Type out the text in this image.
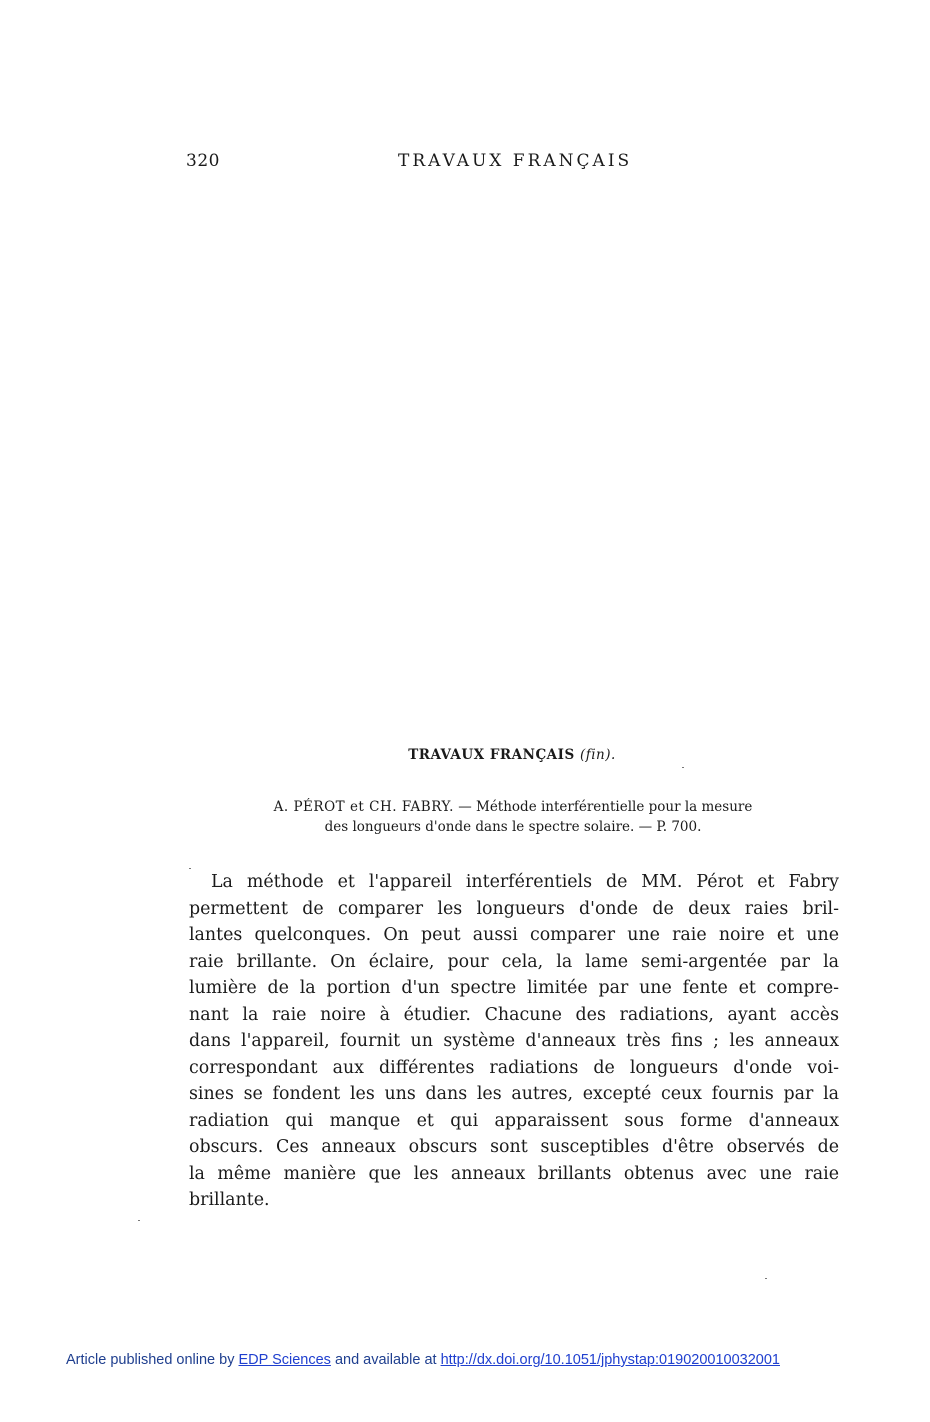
320	TRAVAUX FRANÇAIS
TRAVAUX FRANÇAIS (fin).
A. PÉROT et CH. FABRY. — Méthode interférentielle pour la mesure
des longueurs d'onde dans le spectre solaire. — P. 700.
La méthode et l'appareil interférentiels de MM. Pérot et Fabry
permettent de comparer les longueurs d'onde de deux raies bril-
lantes quelconques. On peut aussi comparer une raie noire et une
raie brillante. On éclaire, pour cela, la lame semi-argentée par la
lumière de la portion d'un spectre limitée par une fente et compre-
nant la raie noire à étudier. Chacune des radiations, ayant accès
dans l'appareil, fournit un système d'anneaux très fins ; les anneaux
correspondant aux différentes radiations de longueurs d'onde voi-
sines se fondent les uns dans les autres, excepté ceux fournis par la
radiation qui manque et qui apparaissent sous forme d'anneaux
obscurs. Ces anneaux obscurs sont susceptibles d'être observés de
la même manière que les anneaux brillants obtenus avec une raie
brillante.
Article published online by EDP Sciences and available at http://dx.doi.org/10.1051/jphystap:019020010032001
